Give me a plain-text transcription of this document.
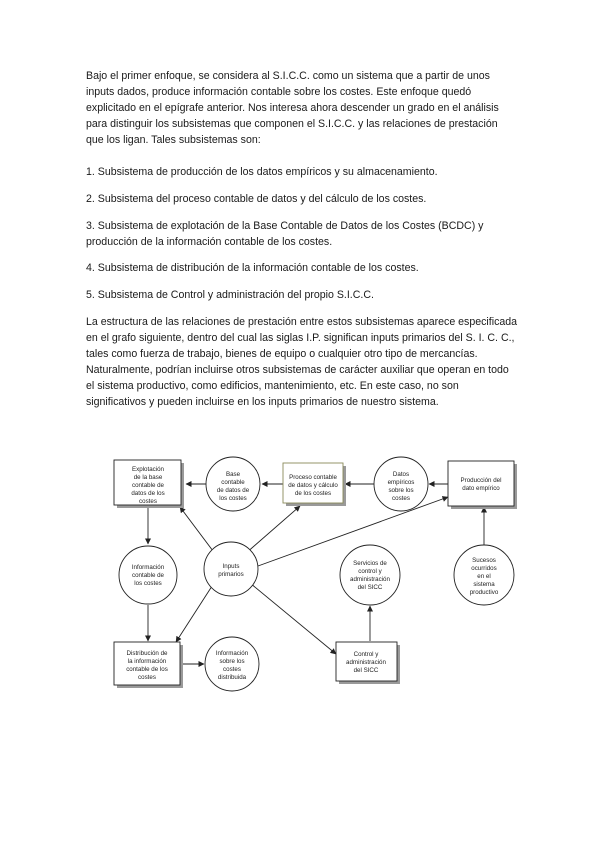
Bajo el primer enfoque, se considera al S.I.C.C. como un sistema que a partir de unos inputs dados, produce información contable sobre los costes. Este enfoque quedó explicitado en el epígrafe anterior. Nos interesa ahora descender un grado en el análisis para distinguir los subsistemas que componen el S.I.C.C. y las relaciones de prestación que los ligan. Tales subsistemas son:

1. Subsistema de producción de los datos empíricos y su almacenamiento.

2. Subsistema del proceso contable de datos y del cálculo de los costes.

3. Subsistema de explotación de la Base Contable de Datos de los Costes (BCDC) y producción de la información contable de los costes.

4. Subsistema de distribución de la información contable de los costes.

5. Subsistema de Control y administración del propio S.I.C.C.

La estructura de las relaciones de prestación entre estos subsistemas aparece especificada en el grafo siguiente, dentro del cual las siglas I.P. significan inputs primarios del S. I. C. C., tales como fuerza de trabajo, bienes de equipo o cualquier otro tipo de mercancías. Naturalmente, podrían incluirse otros subsistemas de carácter auxiliar que operan en todo el sistema productivo, como edificios, mantenimiento, etc. En este caso, no son significativos y pueden incluirse en los inputs primarios de nuestro sistema.

Explotación
de la base
contable de
datos de los
costes
Proceso contable
de datos y cálculo
de los costes
Producción del
dato empírico
Distribución de
la información
contable de los
costes
Control y
administración
del SICC
Base
contable
de datos de
los costes
Datos
empíricos
sobre los
costes
Información
contable de
los costes
Inputs
primarios
Servicios de
control y
administración
del SICC
Sucesos
ocurridos
en el
sistema
productivo
Información
sobre los
costes
distribuida
